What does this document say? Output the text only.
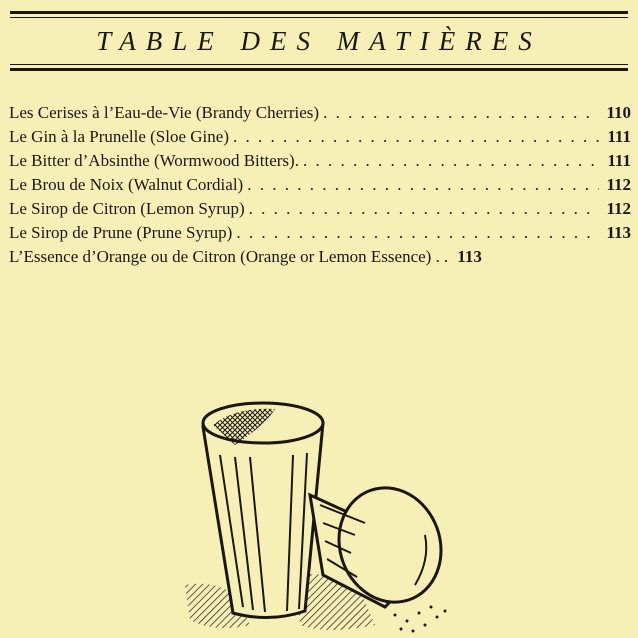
TABLE DES MATIÈRES
Les Cerises à l’Eau-de-Vie (Brandy Cherries) . . .	110
Le Gin à la Prunelle (Sloe Gine) . . .	111
Le Bitter d’Absinthe (Wormwood Bitters). . . .	111
Le Brou de Noix (Walnut Cordial) . . .	112
Le Sirop de Citron (Lemon Syrup) . . .	112
Le Sirop de Prune (Prune Syrup) . . .	113
L’Essence d’Orange ou de Citron (Orange or Lemon Essence) . . . .	113
